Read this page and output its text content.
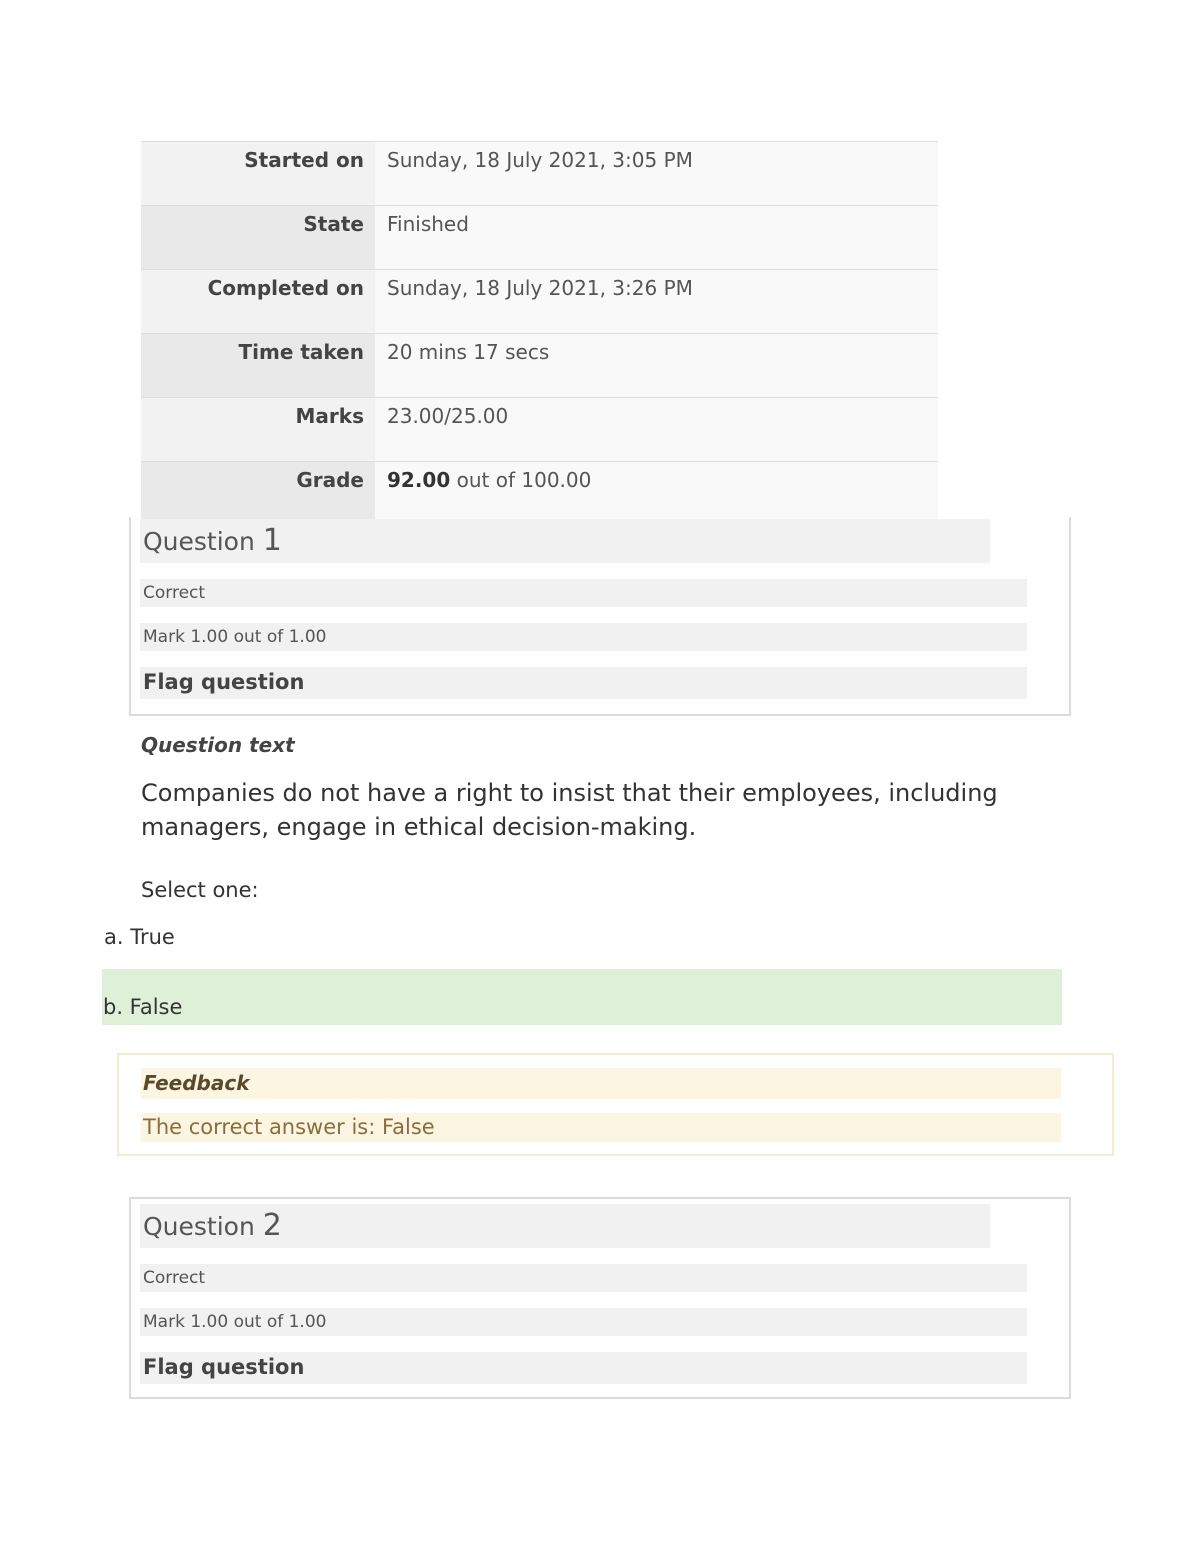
Started on	Sunday, 18 July 2021, 3:05 PM
State	Finished
Completed on	Sunday, 18 July 2021, 3:26 PM
Time taken	20 mins 17 secs
Marks	23.00/25.00
Grade	92.00 out of 100.00
Question 1
Correct
Mark 1.00 out of 1.00
Flag question
Question text
Companies do not have a right to insist that their employees, including managers, engage in ethical decision-making.
Select one:
a. True
b. False
Feedback
The correct answer is: False
Question 2
Correct
Mark 1.00 out of 1.00
Flag question
